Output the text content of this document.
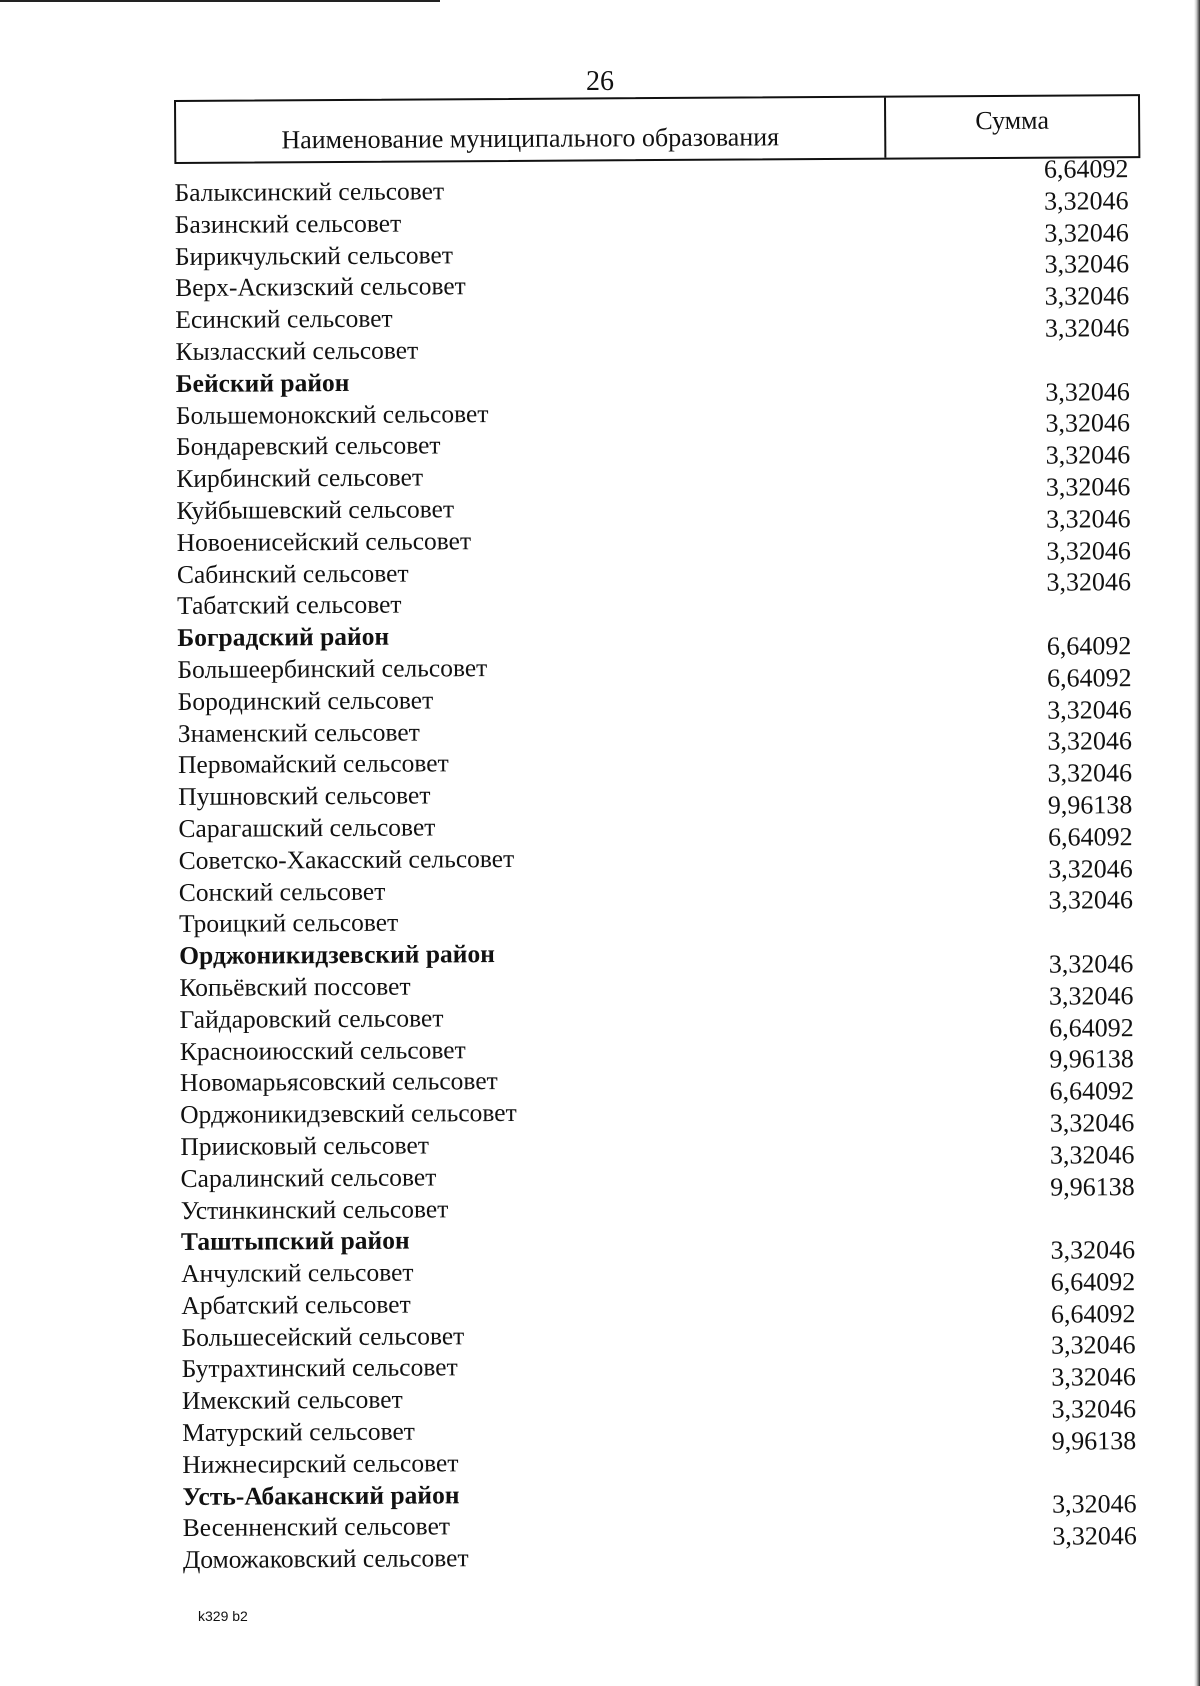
26
Наименование муниципального образования
Сумма
Балыксинский сельсовет
6,64092
Базинский сельсовет
3,32046
Бирикчульский сельсовет
3,32046
Верх-Аскизский сельсовет
3,32046
Есинский сельсовет
3,32046
Кызласский сельсовет
3,32046
Бейский район
Большемонокский сельсовет
3,32046
Бондаревский сельсовет
3,32046
Кирбинский сельсовет
3,32046
Куйбышевский сельсовет
3,32046
Новоенисейский сельсовет
3,32046
Сабинский сельсовет
3,32046
Табатский сельсовет
3,32046
Боградский район
Большеербинский сельсовет
6,64092
Бородинский сельсовет
6,64092
Знаменский сельсовет
3,32046
Первомайский сельсовет
3,32046
Пушновский сельсовет
3,32046
Сарагашский сельсовет
9,96138
Советско-Хакасский сельсовет
6,64092
Сонский сельсовет
3,32046
Троицкий сельсовет
3,32046
Орджоникидзевский район
Копьёвский поссовет
3,32046
Гайдаровский сельсовет
3,32046
Красноиюсский сельсовет
6,64092
Новомарьясовский сельсовет
9,96138
Орджоникидзевский сельсовет
6,64092
Приисковый сельсовет
3,32046
Саралинский сельсовет
3,32046
Устинкинский сельсовет
9,96138
Таштыпский район
Анчулский сельсовет
3,32046
Арбатский сельсовет
6,64092
Большесейский сельсовет
6,64092
Бутрахтинский сельсовет
3,32046
Имекский сельсовет
3,32046
Матурский сельсовет
3,32046
Нижнесирский сельсовет
9,96138
Усть-Абаканский район
Весенненский сельсовет
3,32046
Доможаковский сельсовет
3,32046
k329 b2
